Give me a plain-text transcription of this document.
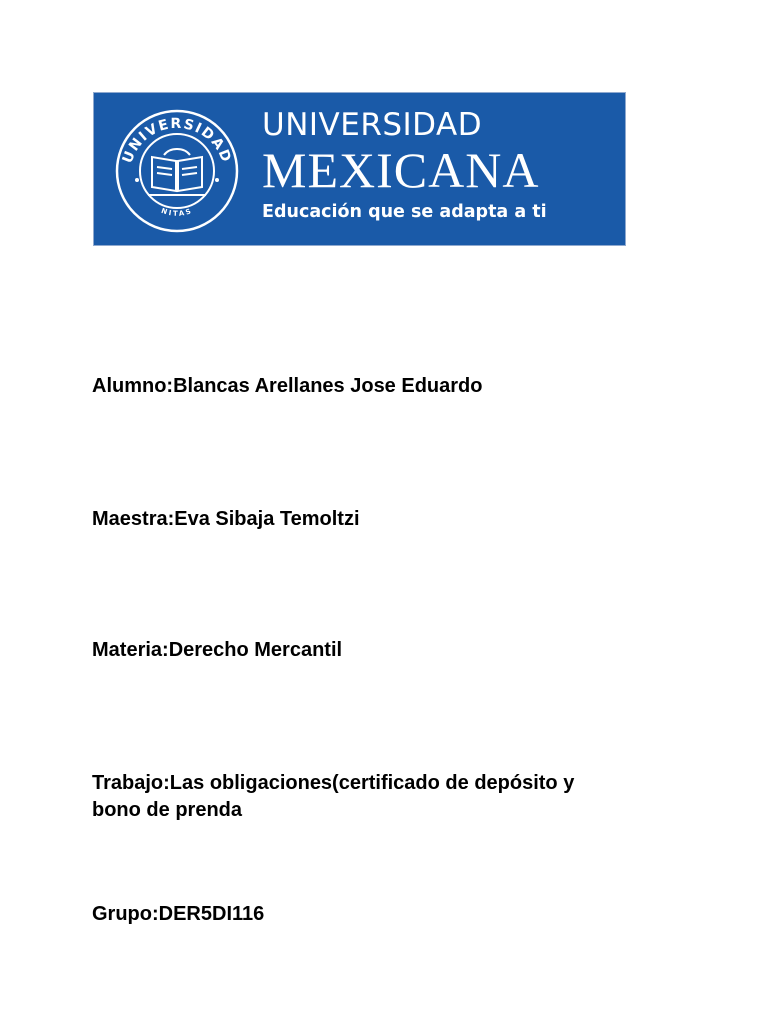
UNIVERSIDAD
NITAS
UNIVERSIDAD
MEXICANA
Educación que se adapta a ti

Alumno:Blancas Arellanes Jose Eduardo

Maestra:Eva Sibaja Temoltzi

Materia:Derecho Mercantil

Trabajo:Las obligaciones(certificado de depósito y

bono de prenda

Grupo:DER5DI116
